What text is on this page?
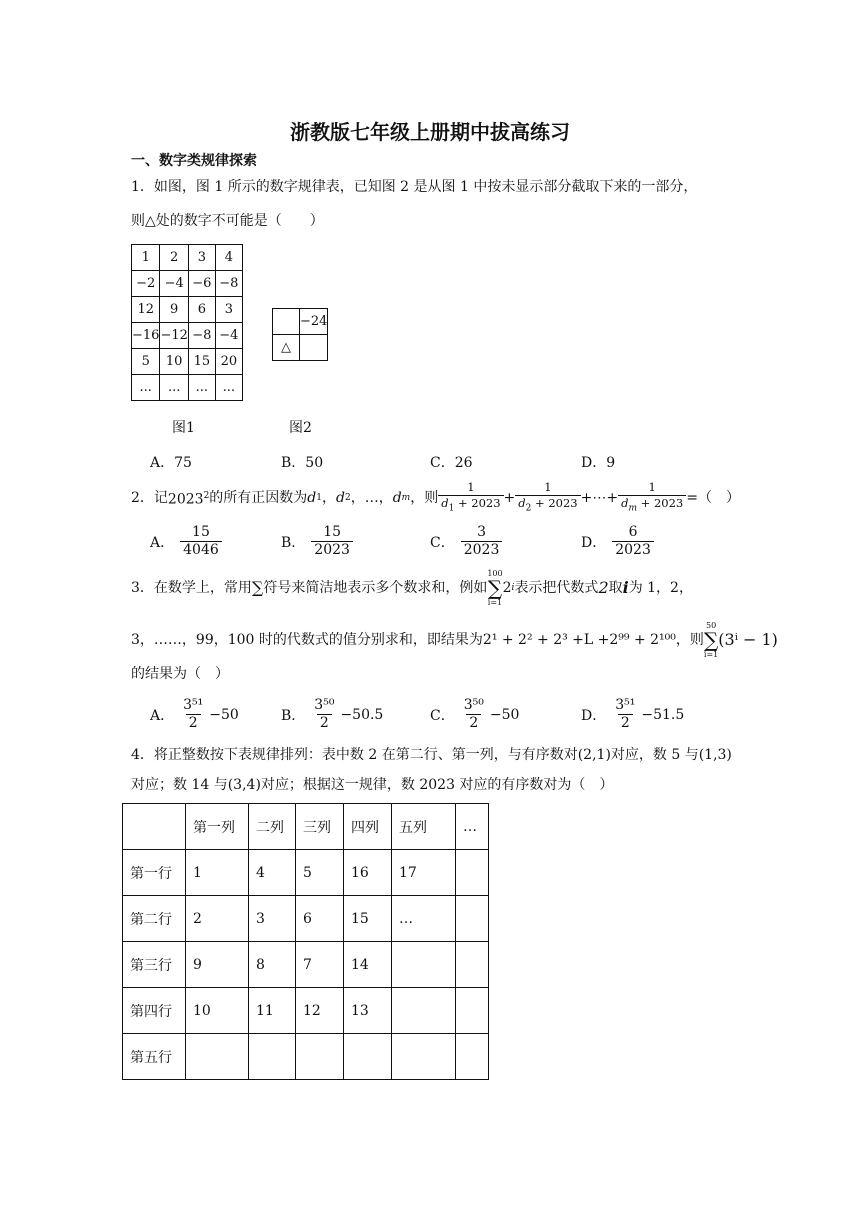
浙教版七年级上册期中拔高练习
一、数字类规律探索
1．如图，图 1 所示的数字规律表，已知图 2 是从图 1 中按未显示部分截取下来的一部分，
则△处的数字不可能是（　　）
1	2	3	4
−2	−4	−6	−8
12	9	6	3
−16	−12	−8	−4
5	10	15	20
...	...	...	...
	−24
△	
图1	图2
A．75	B．50	C．26	D．9
2．记 2023$^2$ 的所有正因数为 d 1 ， d 2 ， … ， d m ，则 $\frac{1}{d_1 + 2023} + \frac{1}{d_2 + 2023}$ + ⋯ + $\frac{1}{d_m + 2023}$ =（　）
A． $\frac{15}{4046}$	B． $\frac{15}{2023}$	C． $\frac{3}{2023}$	D． $\frac{6}{2023}$
3．在数学上，常用 ∑ 符号来简洁地表示多个数求和，例如
100
∑
i=1
2 i 表示把代数式 2 取 i 为 1，2，
3，……，99，100 时的代数式的值分别求和，即结果为 2¹ + 2² + 2³ +L +2⁹⁹ + 2¹⁰⁰ ，则
50
∑
i=1
(3ⁱ − 1)
的结果为（　）
A． $\frac{\text{3⁵¹}}{2} -50$	B． $\frac{\text{3⁵⁰}}{2} -50.5$	C． $\frac{\text{3⁵⁰}}{2} -50$	D． $\frac{\text{3⁵¹}}{2} -51.5$
4．将正整数按下表规律排列：表中数 2 在第二行、第一列，与有序数对(2,1)对应，数 5 与(1,3)
对应；数 14 与(3,4)对应；根据这一规律，数 2023 对应的有序数对为（　）
	第一列	二列	三列	四列	五列	…
第一行	1	4	5	16	17	
第二行	2	3	6	15	…	
第三行	9	8	7	14		
第四行	10	11	12	13		
第五行						
